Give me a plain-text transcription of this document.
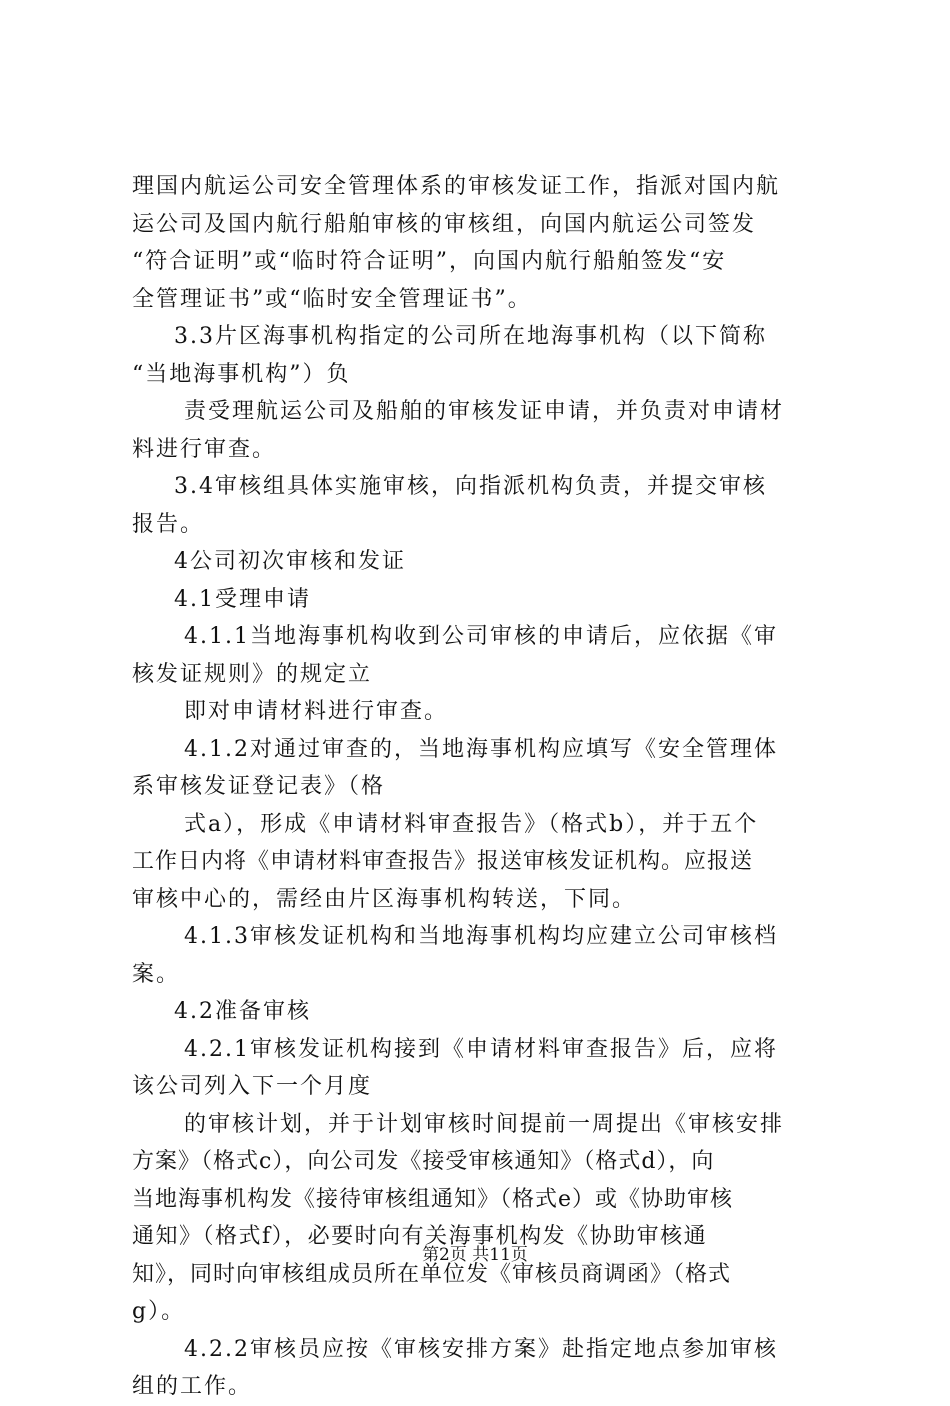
理国内航运公司安全管理体系的审核发证工作，指派对国内航
运公司及国内航行船舶审核的审核组，向国内航运公司签发
“符合证明”或“临时符合证明”，向国内航行船舶签发“安
全管理证书”或“临时安全管理证书”。
3.3片区海事机构指定的公司所在地海事机构（以下简称
“当地海事机构”）负
责受理航运公司及船舶的审核发证申请，并负责对申请材
料进行审查。
3.4审核组具体实施审核，向指派机构负责，并提交审核
报告。
4公司初次审核和发证
4.1受理申请
4.1.1当地海事机构收到公司审核的申请后，应依据《审
核发证规则》的规定立
即对申请材料进行审查。
4.1.2对通过审查的，当地海事机构应填写《安全管理体
系审核发证登记表》（格
式a），形成《申请材料审查报告》（格式b），并于五个
工作日内将《申请材料审查报告》报送审核发证机构。应报送
审核中心的，需经由片区海事机构转送，下同。
4.1.3审核发证机构和当地海事机构均应建立公司审核档
案。
4.2准备审核
4.2.1审核发证机构接到《申请材料审查报告》后，应将
该公司列入下一个月度
的审核计划，并于计划审核时间提前一周提出《审核安排
方案》（格式c），向公司发《接受审核通知》（格式d），向
当地海事机构发《接待审核组通知》（格式e）或《协助审核
通知》（格式f），必要时向有关海事机构发《协助审核通
知》，同时向审核组成员所在单位发《审核员商调函》（格式
g）。
4.2.2审核员应按《审核安排方案》赴指定地点参加审核
组的工作。
第2页 共11页
